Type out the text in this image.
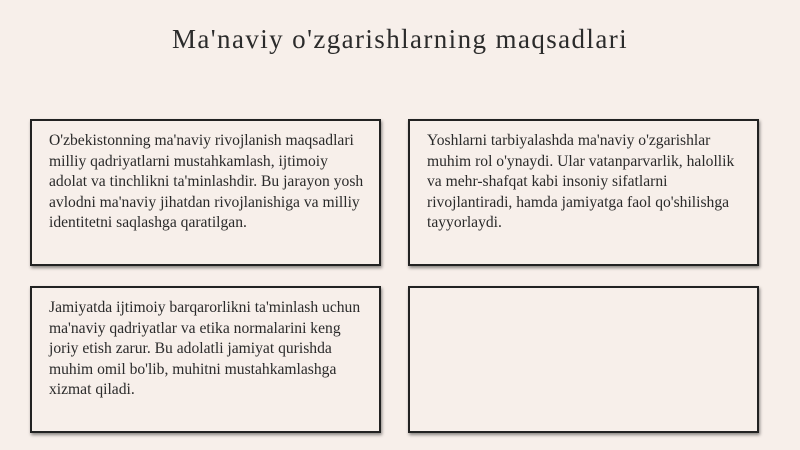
Ma'naviy o'zgarishlarning maqsadlari

O'zbekistonning ma'naviy rivojlanish maqsadlari milliy qadriyatlarni mustahkamlash, ijtimoiy adolat va tinchlikni ta'minlashdir. Bu jarayon yosh avlodni ma'naviy jihatdan rivojlanishiga va milliy identitetni saqlashga qaratilgan.

Yoshlarni tarbiyalashda ma'naviy o'zgarishlar muhim rol o'ynaydi. Ular vatanparvarlik, halollik va mehr-shafqat kabi insoniy sifatlarni rivojlantiradi, hamda jamiyatga faol qo'shilishga tayyorlaydi.

Jamiyatda ijtimoiy barqarorlikni ta'minlash uchun ma'naviy qadriyatlar va etika normalarini keng joriy etish zarur. Bu adolatli jamiyat qurishda muhim omil bo'lib, muhitni mustahkamlashga xizmat qiladi.
